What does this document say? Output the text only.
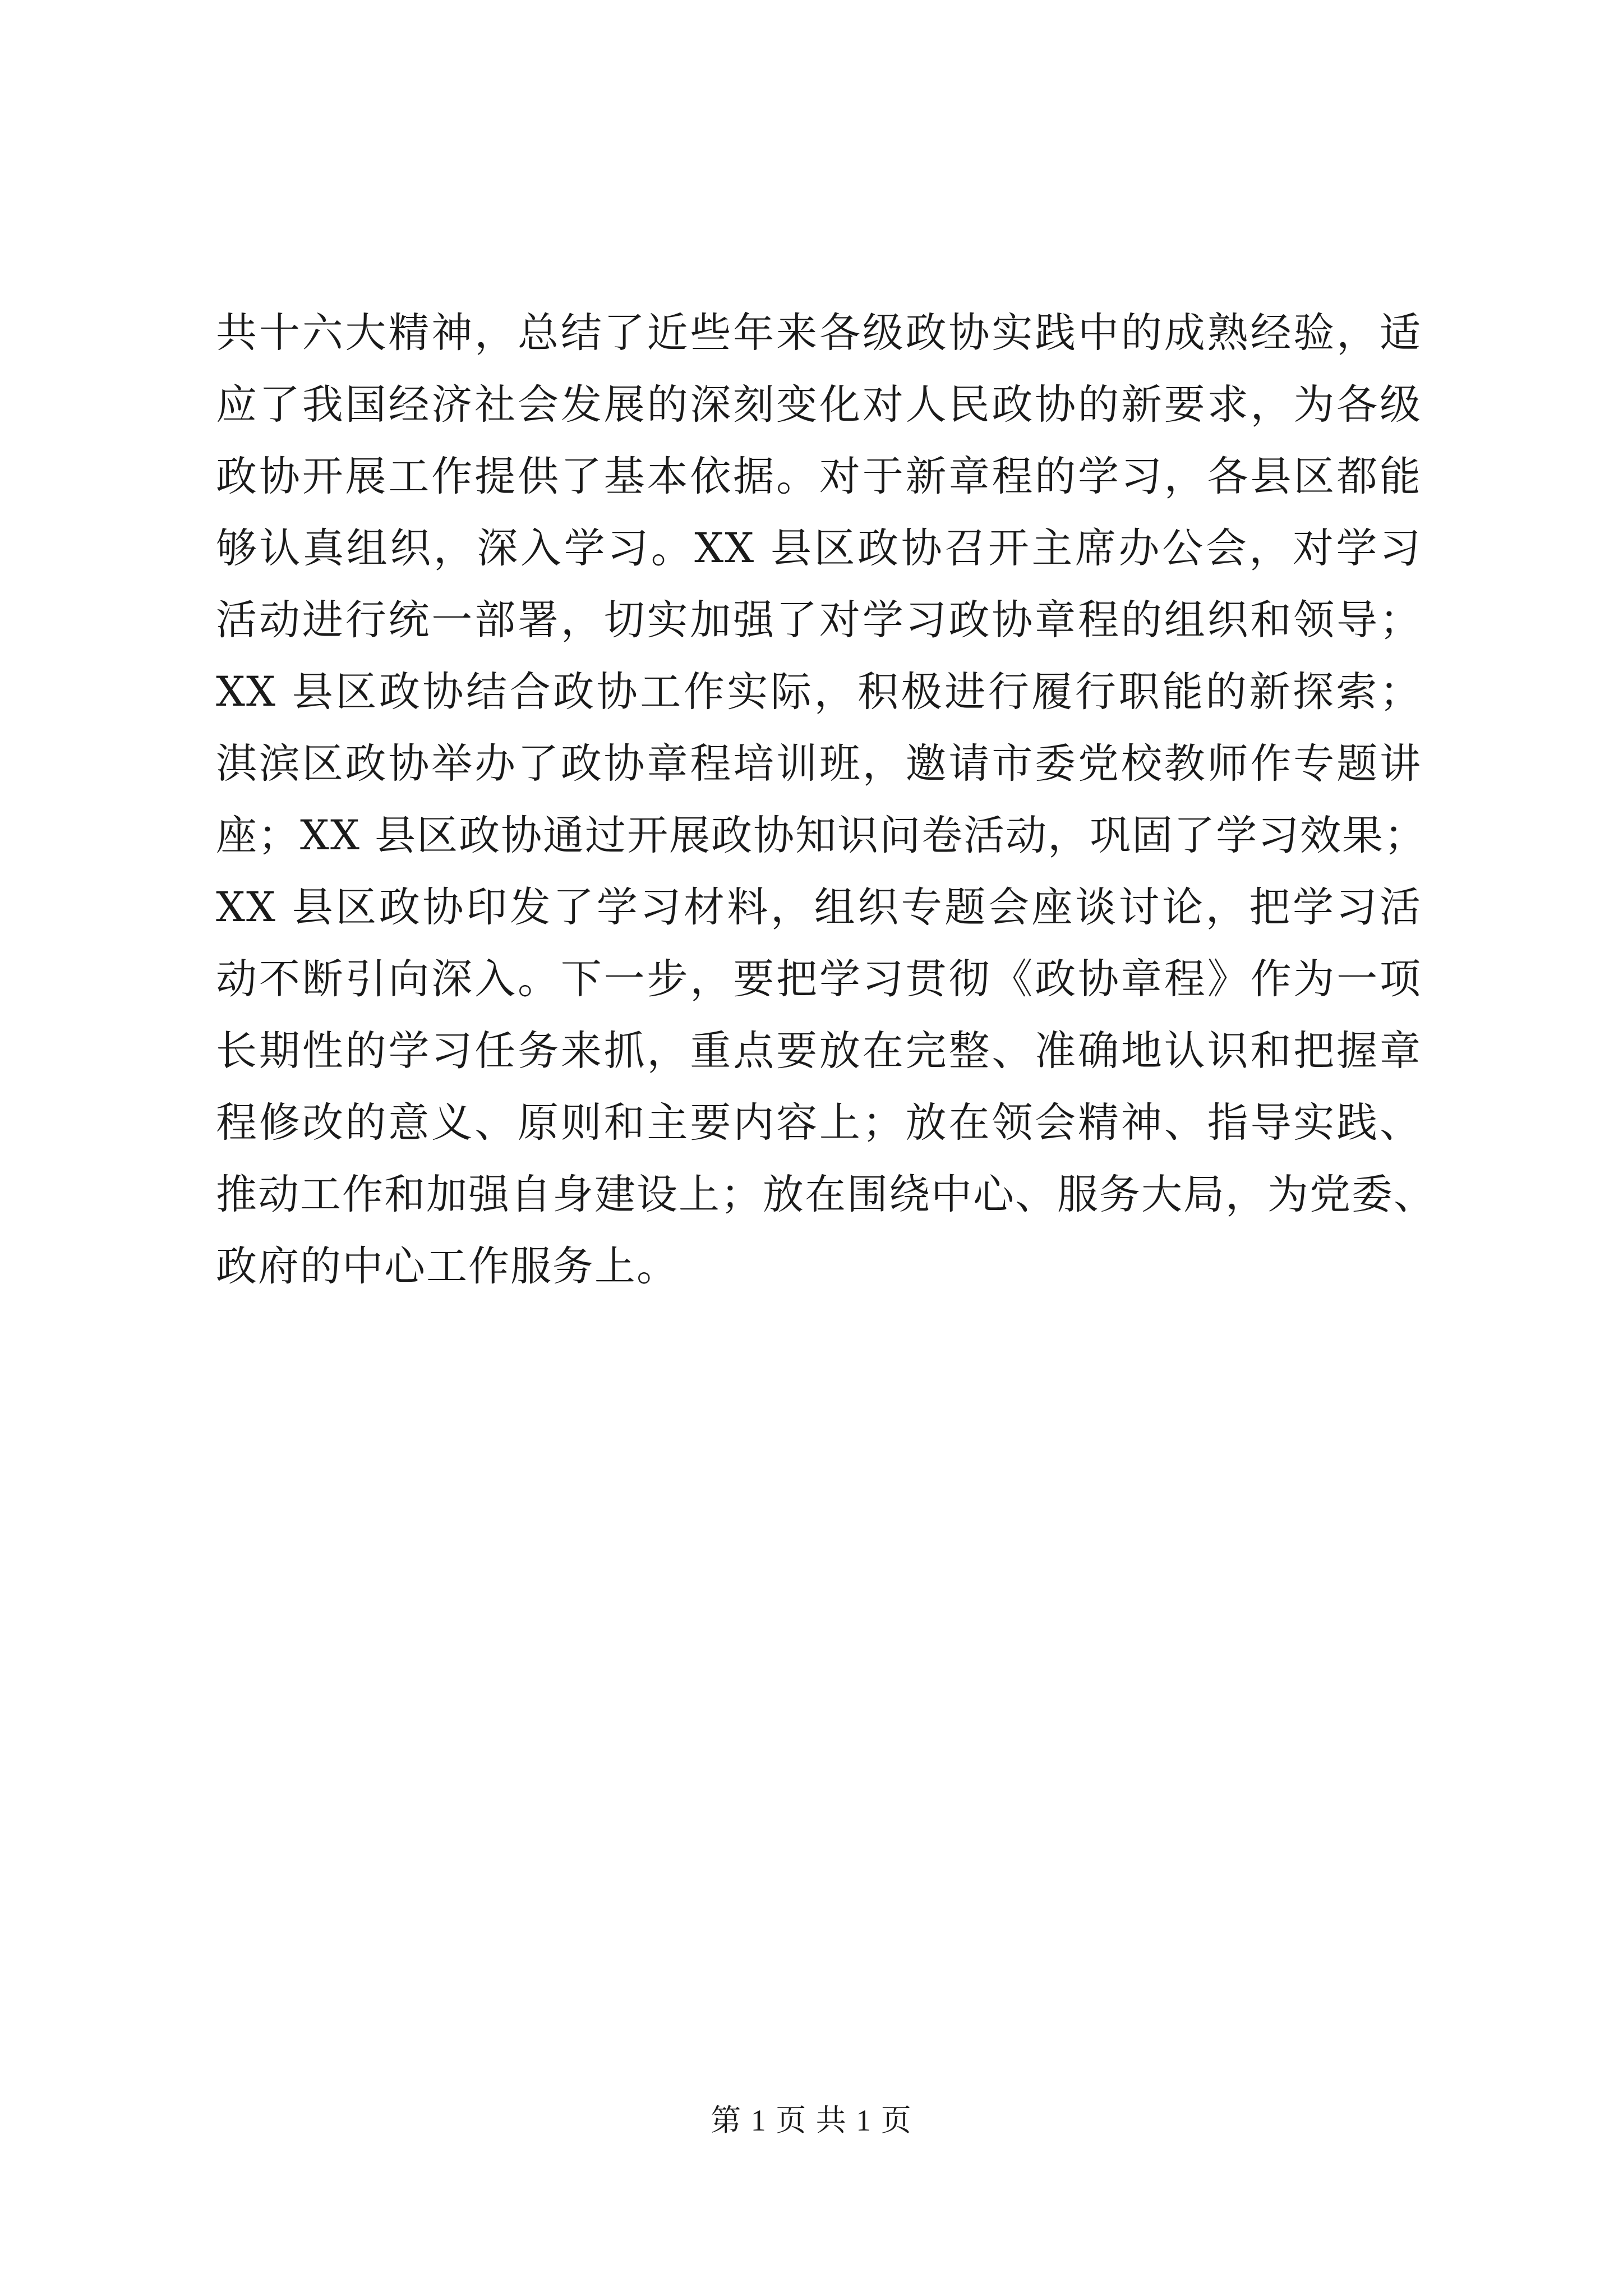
共十六大精神，总结了近些年来各级政协实践中的成熟经验，适
应了我国经济社会发展的深刻变化对人民政协的新要求，为各级
政协开展工作提供了基本依据。对于新章程的学习，各县区都能
够认真组织，深入学习。XX 县区政协召开主席办公会，对学习
活动进行统一部署，切实加强了对学习政协章程的组织和领导；
XX 县区政协结合政协工作实际，积极进行履行职能的新探索；
淇滨区政协举办了政协章程培训班，邀请市委党校教师作专题讲
座；XX 县区政协通过开展政协知识问卷活动，巩固了学习效果；
XX 县区政协印发了学习材料，组织专题会座谈讨论，把学习活
动不断引向深入。下一步，要把学习贯彻《政协章程》作为一项
长期性的学习任务来抓，重点要放在完整、准确地认识和把握章
程修改的意义、原则和主要内容上；放在领会精神、指导实践、
推动工作和加强自身建设上；放在围绕中心、服务大局，为党委、
政府的中心工作服务上。
第 1 页 共 1 页
